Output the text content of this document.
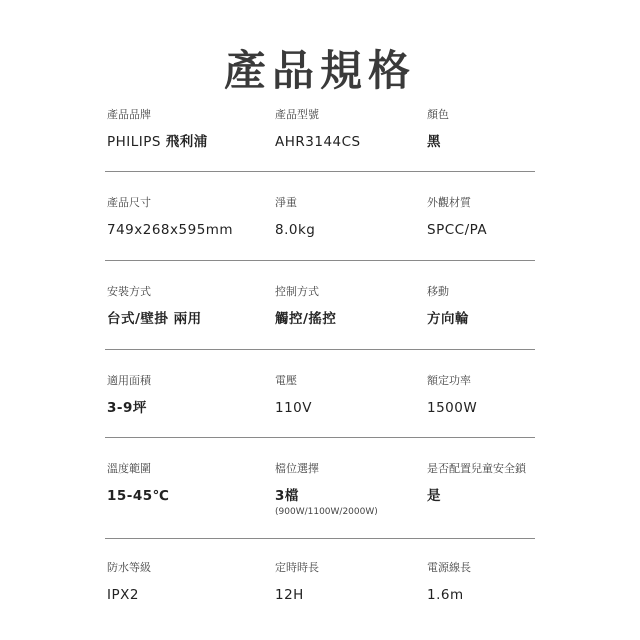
產品規格
產品品牌
PHILIPS 飛利浦
產品型號
AHR3144CS
顏色
黑
產品尺寸
749x268x595mm
淨重
8.0kg
外觀材質
SPCC/PA
安裝方式
台式/壁掛 兩用
控制方式
觸控/搖控
移動
方向輪
適用面積
3-9坪
電壓
110V
額定功率
1500W
溫度範圍
15-45℃
檔位選擇
3檔
(900W/1100W/2000W)
是否配置兒童安全鎖
是
防水等級
IPX2
定時時長
12H
電源線長
1.6m
